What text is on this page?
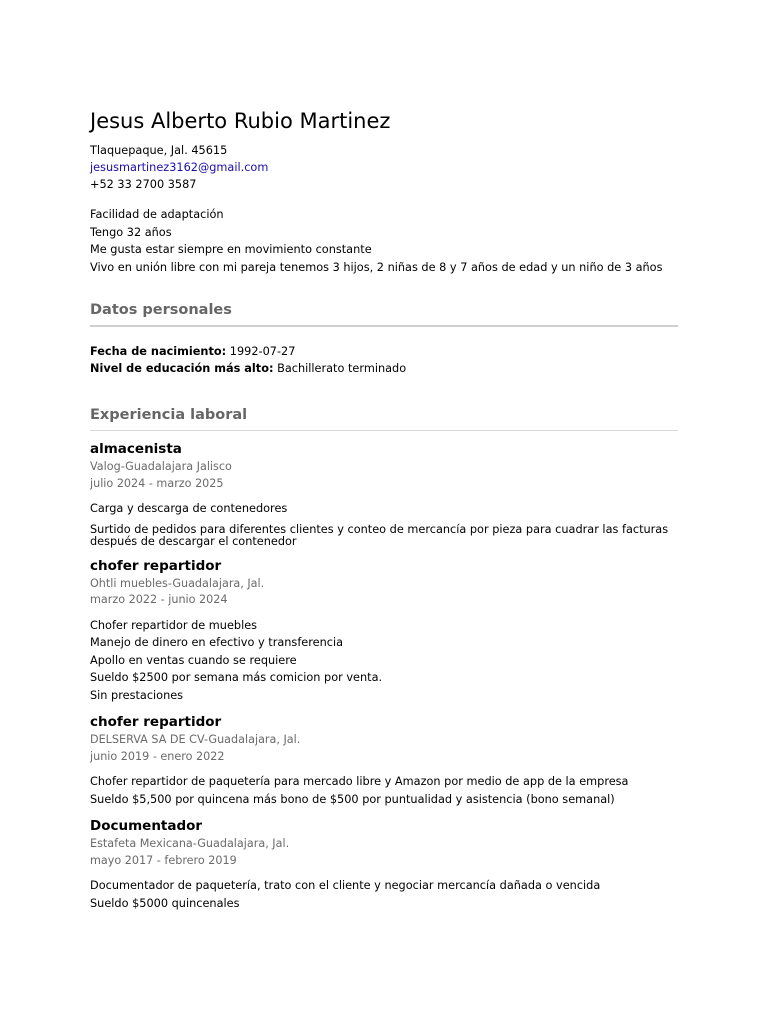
Jesus Alberto Rubio Martinez
Tlaquepaque, Jal. 45615
jesusmartinez3162@gmail.com
+52 33 2700 3587
Facilidad de adaptación
Tengo 32 años
Me gusta estar siempre en movimiento constante
Vivo en unión libre con mi pareja tenemos 3 hijos, 2 niñas de 8 y 7 años de edad y un niño de 3 años
Datos personales
Fecha de nacimiento: 1992-07-27
Nivel de educación más alto: Bachillerato terminado
Experiencia laboral
almacenista
Valog-Guadalajara Jalisco
julio 2024 - marzo 2025
Carga y descarga de contenedores
Surtido de pedidos para diferentes clientes y conteo de mercancía por pieza para cuadrar las facturas después de descargar el contenedor
chofer repartidor
Ohtli muebles-Guadalajara, Jal.
marzo 2022 - junio 2024
Chofer repartidor de muebles
Manejo de dinero en efectivo y transferencia
Apollo en ventas cuando se requiere
Sueldo $2500 por semana más comicion por venta.
Sin prestaciones
chofer repartidor
DELSERVA SA DE CV-Guadalajara, Jal.
junio 2019 - enero 2022
Chofer repartidor de paquetería para mercado libre y Amazon por medio de app de la empresa
Sueldo $5,500 por quincena más bono de $500 por puntualidad y asistencia (bono semanal)
Documentador
Estafeta Mexicana-Guadalajara, Jal.
mayo 2017 - febrero 2019
Documentador de paquetería, trato con el cliente y negociar mercancía dañada o vencida
Sueldo $5000 quincenales
